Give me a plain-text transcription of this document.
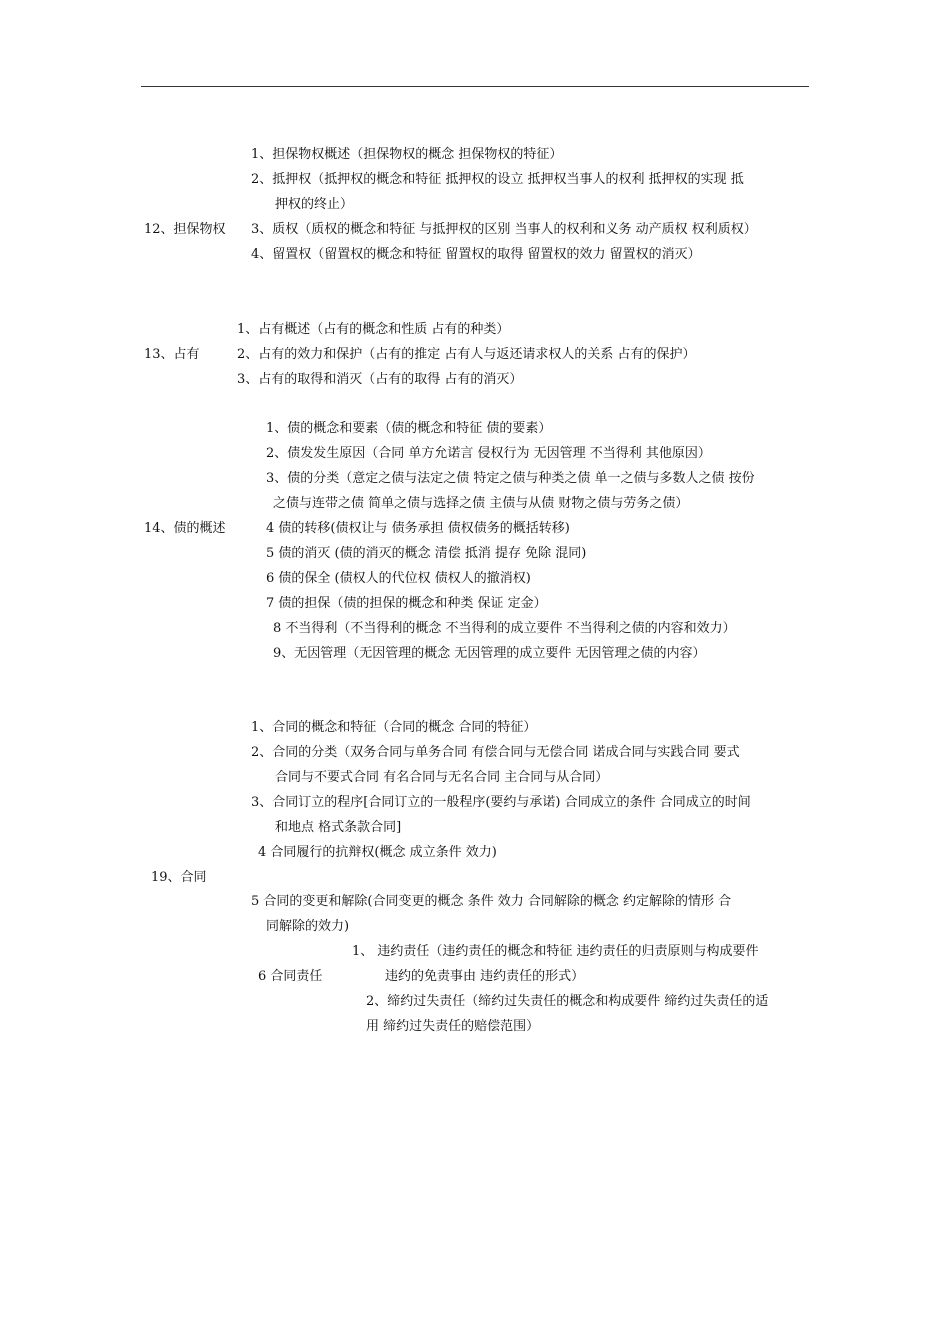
1、担保物权概述（担保物权的概念 担保物权的特征）
2、抵押权（抵押权的概念和特征 抵押权的设立 抵押权当事人的权利 抵押权的实现 抵
押权的终止）
12、担保物权 3、质权（质权的概念和特征 与抵押权的区别 当事人的权利和义务 动产质权 权利质权）
4、留置权（留置权的概念和特征 留置权的取得 留置权的效力 留置权的消灭）
1、占有概述（占有的概念和性质 占有的种类）
13、占有	2、占有的效力和保护（占有的推定 占有人与返还请求权人的关系 占有的保护）
3、占有的取得和消灭（占有的取得 占有的消灭）
1、债的概念和要素（债的概念和特征 债的要素）
2、债发发生原因（合同 单方允诺言 侵权行为 无因管理 不当得利 其他原因）
3、债的分类（意定之债与法定之债 特定之债与种类之债 单一之债与多数人之债 按份
之债与连带之债 简单之债与选择之债 主债与从债 财物之债与劳务之债）
14、债的概述	4 债的转移(债权让与 债务承担 债权债务的概括转移)
5 债的消灭 (债的消灭的概念 清偿 抵消 提存 免除 混同)
6 债的保全 (债权人的代位权 债权人的撤消权)
7 债的担保（债的担保的概念和种类 保证 定金）
8 不当得利（不当得利的概念 不当得利的成立要件 不当得利之债的内容和效力）
9、无因管理（无因管理的概念 无因管理的成立要件 无因管理之债的内容）
1、合同的概念和特征（合同的概念 合同的特征）
2、合同的分类（双务合同与单务合同 有偿合同与无偿合同 诺成合同与实践合同 要式
合同与不要式合同 有名合同与无名合同 主合同与从合同）
3、合同订立的程序[合同订立的一般程序(要约与承诺) 合同成立的条件 合同成立的时间
和地点 格式条款合同]
4 合同履行的抗辩权(概念 成立条件 效力)
19、合同
5 合同的变更和解除(合同变更的概念 条件 效力 合同解除的概念 约定解除的情形 合
同解除的效力)
1、 违约责任（违约责任的概念和特征 违约责任的归责原则与构成要件
6 合同责任	违约的免责事由 违约责任的形式）
2、缔约过失责任（缔约过失责任的概念和构成要件 缔约过失责任的适
用 缔约过失责任的赔偿范围）
